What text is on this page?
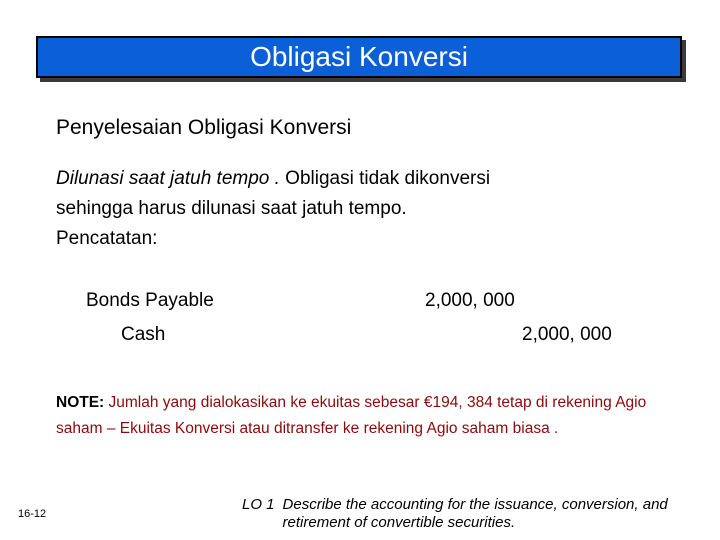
Obligasi Konversi
Penyelesaian Obligasi Konversi
Dilunasi saat jatuh tempo . Obligasi tidak dikonversi
sehingga harus dilunasi saat jatuh tempo.
Pencatatan:
Bonds Payable	2,000, 000
Cash	2,000, 000
NOTE: Jumlah yang dialokasikan ke ekuitas sebesar €194, 384 tetap di rekening Agio saham – Ekuitas Konversi atau ditransfer ke rekening Agio saham biasa .
16-12
LO 1 Describe the accounting for the issuance, conversion, and retirement of convertible securities.
